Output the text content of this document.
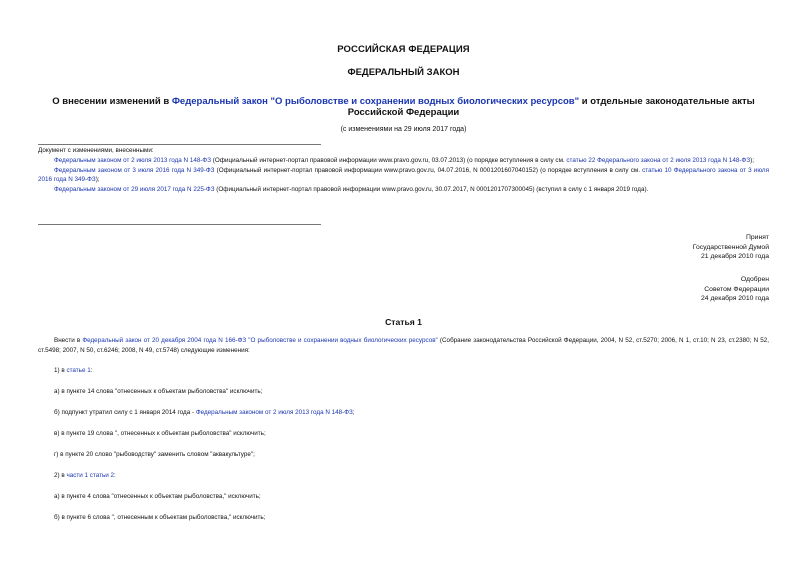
РОССИЙСКАЯ ФЕДЕРАЦИЯ
ФЕДЕРАЛЬНЫЙ ЗАКОН
О внесении изменений в Федеральный закон "О рыболовстве и сохранении водных биологических ресурсов" и отдельные законодательные акты Российской Федерации
(с изменениями на 29 июля 2017 года)

Документ с изменениями, внесенными:

Федеральным законом от 2 июля 2013 года N 148-ФЗ (Официальный интернет-портал правовой информации www.pravo.gov.ru, 03.07.2013) (о порядке вступления в силу см. статью 22 Федерального закона от 2 июля 2013 года N 148-ФЗ);

Федеральным законом от 3 июля 2016 года N 349-ФЗ (Официальный интернет-портал правовой информации www.pravo.gov.ru, 04.07.2016, N 0001201607040152) (о порядке вступления в силу см. статью 10 Федерального закона от 3 июля 2016 года N 349-ФЗ);

Федеральным законом от 29 июля 2017 года N 225-ФЗ (Официальный интернет-портал правовой информации www.pravo.gov.ru, 30.07.2017, N 0001201707300045) (вступил в силу с 1 января 2019 года).

Принят
Государственной Думой
21 декабря 2010 года
Одобрен
Советом Федерации
24 декабря 2010 года
Статья 1

Внести в Федеральный закон от 20 декабря 2004 года N 166-ФЗ "О рыболовстве и сохранении водных биологических ресурсов" (Собрание законодательства Российской Федерации, 2004, N 52, ст.5270; 2006, N 1, ст.10; N 23, ст.2380; N 52, ст.5498; 2007, N 50, ст.6246; 2008, N 49, ст.5748) следующие изменения:

1) в статье 1:
а) в пункте 14 слова "отнесенных к объектам рыболовства" исключить;
б) подпункт утратил силу с 1 января 2014 года - Федеральным законом от 2 июля 2013 года N 148-ФЗ;
в) в пункте 19 слова ", отнесенных к объектам рыболовства" исключить;
г) в пункте 20 слово "рыбоводству" заменить словом "аквакультуре";
2) в части 1 статьи 2:
а) в пункте 4 слова "отнесенных к объектам рыболовства," исключить;
б) в пункте 6 слова ", отнесенным к объектам рыболовства," исключить;
